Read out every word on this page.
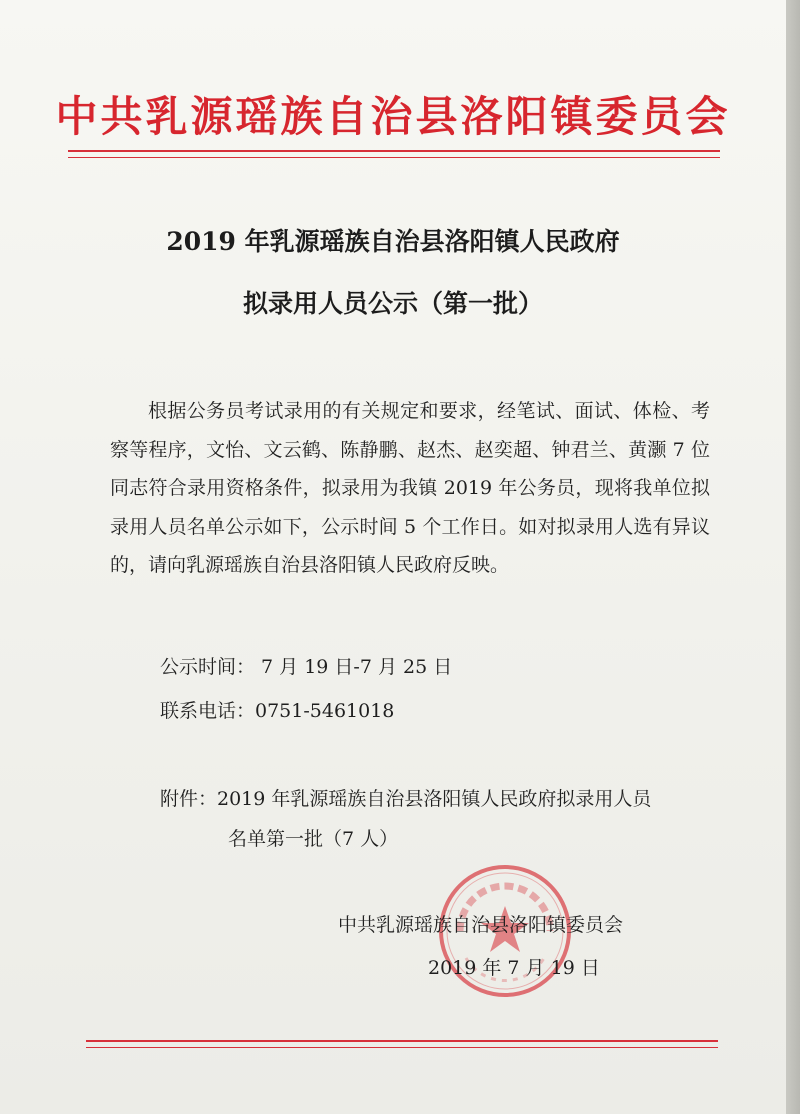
中共乳源瑶族自治县洛阳镇委员会
2019 年乳源瑶族自治县洛阳镇人民政府
拟录用人员公示（第一批）
根据公务员考试录用的有关规定和要求，经笔试、面试、体检、考察等程序，文怡、文云鹤、陈静鹏、赵杰、赵奕超、钟君兰、黄灏 7 位同志符合录用资格条件，拟录用为我镇 2019 年公务员，现将我单位拟录用人员名单公示如下，公示时间 5 个工作日。如对拟录用人选有异议的，请向乳源瑶族自治县洛阳镇人民政府反映。
公示时间： 7 月 19 日-7 月 25 日
联系电话：0751-5461018
附件：2019 年乳源瑶族自治县洛阳镇人民政府拟录用人员
名单第一批（7 人）
中共乳源瑶族自治县洛阳镇委员会
2019 年 7 月 19 日
